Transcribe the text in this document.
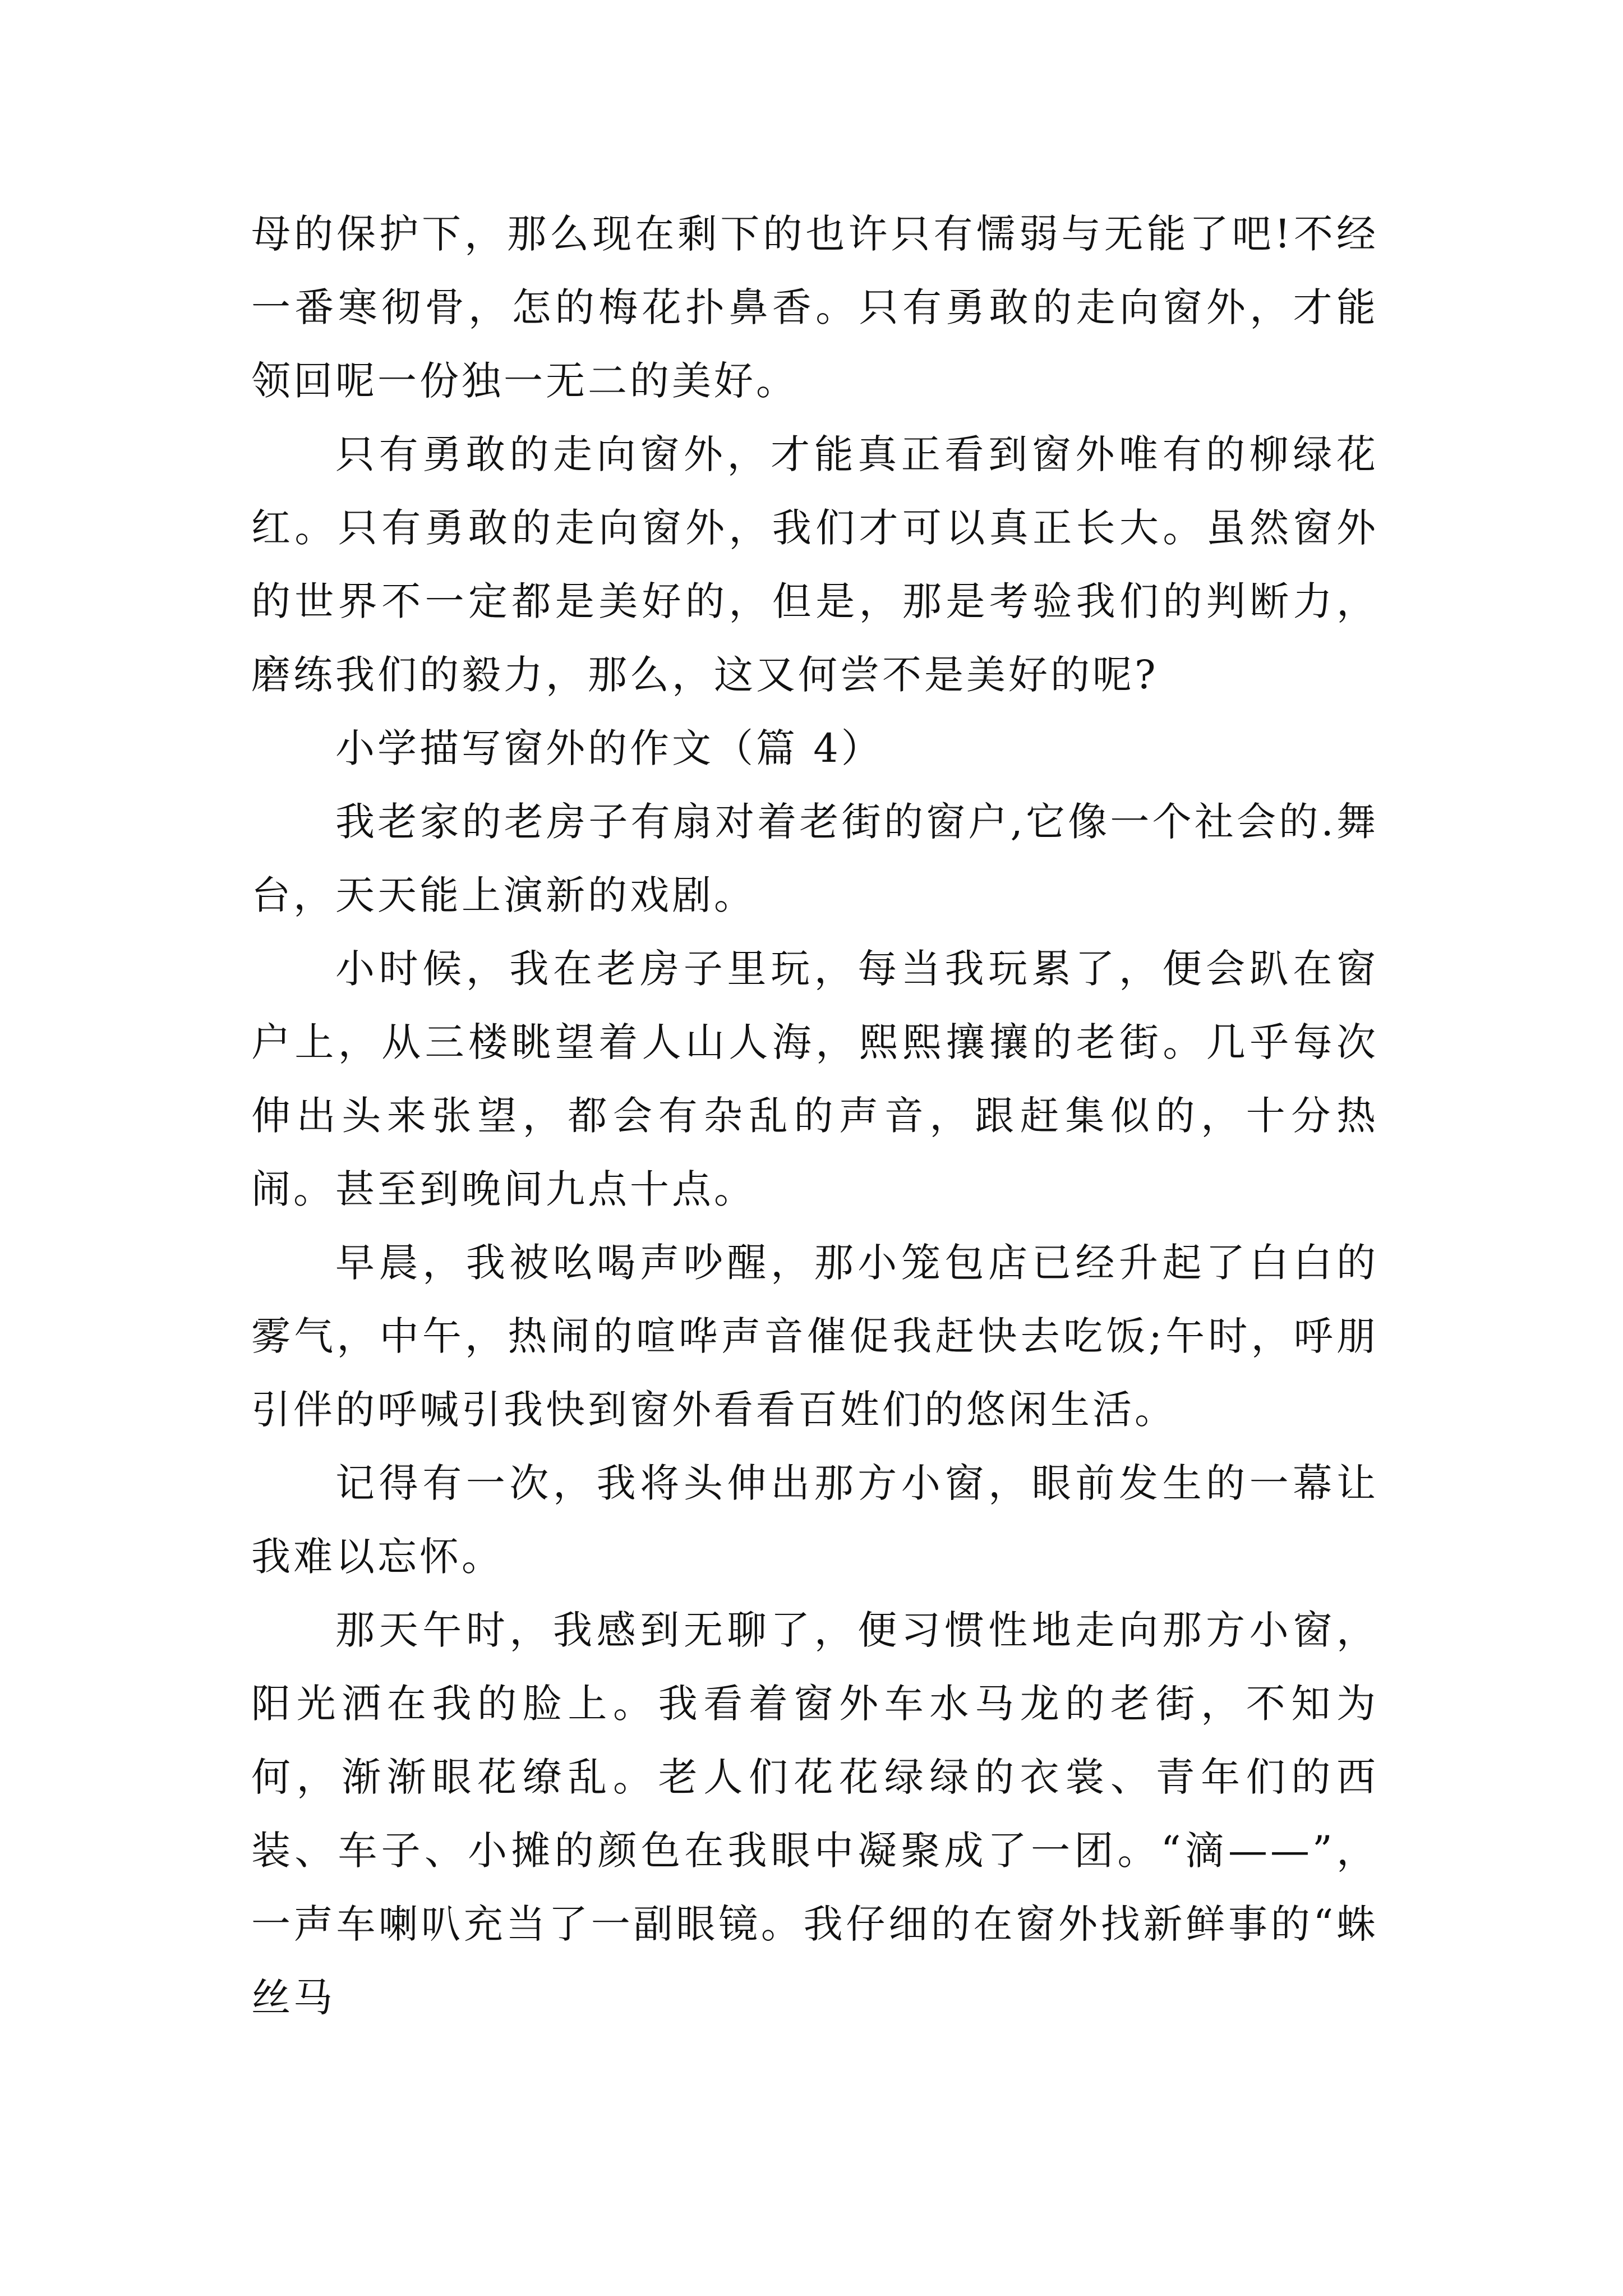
母的保护下，那么现在剩下的也许只有懦弱与无能了吧!不经一番寒彻骨，怎的梅花扑鼻香。只有勇敢的走向窗外，才能领回呢一份独一无二的美好。

只有勇敢的走向窗外，才能真正看到窗外唯有的柳绿花红。只有勇敢的走向窗外，我们才可以真正长大。虽然窗外的世界不一定都是美好的，但是，那是考验我们的判断力，磨练我们的毅力，那么，这又何尝不是美好的呢?

小学描写窗外的作文（篇 4）

我老家的老房子有扇对着老街的窗户,它像一个社会的.舞台，天天能上演新的戏剧。

小时候，我在老房子里玩，每当我玩累了，便会趴在窗户上，从三楼眺望着人山人海，熙熙攘攘的老街。几乎每次伸出头来张望，都会有杂乱的声音，跟赶集似的，十分热闹。甚至到晚间九点十点。

早晨，我被吆喝声吵醒，那小笼包店已经升起了白白的雾气，中午，热闹的喧哗声音催促我赶快去吃饭;午时，呼朋引伴的呼喊引我快到窗外看看百姓们的悠闲生活。

记得有一次，我将头伸出那方小窗，眼前发生的一幕让我难以忘怀。

那天午时，我感到无聊了，便习惯性地走向那方小窗，阳光洒在我的脸上。我看着窗外车水马龙的老街，不知为何，渐渐眼花缭乱。老人们花花绿绿的衣裳、青年们的西装、车子、小摊的颜色在我眼中凝聚成了一团。“滴——”，一声车喇叭充当了一副眼镜。我仔细的在窗外找新鲜事的“蛛丝马
